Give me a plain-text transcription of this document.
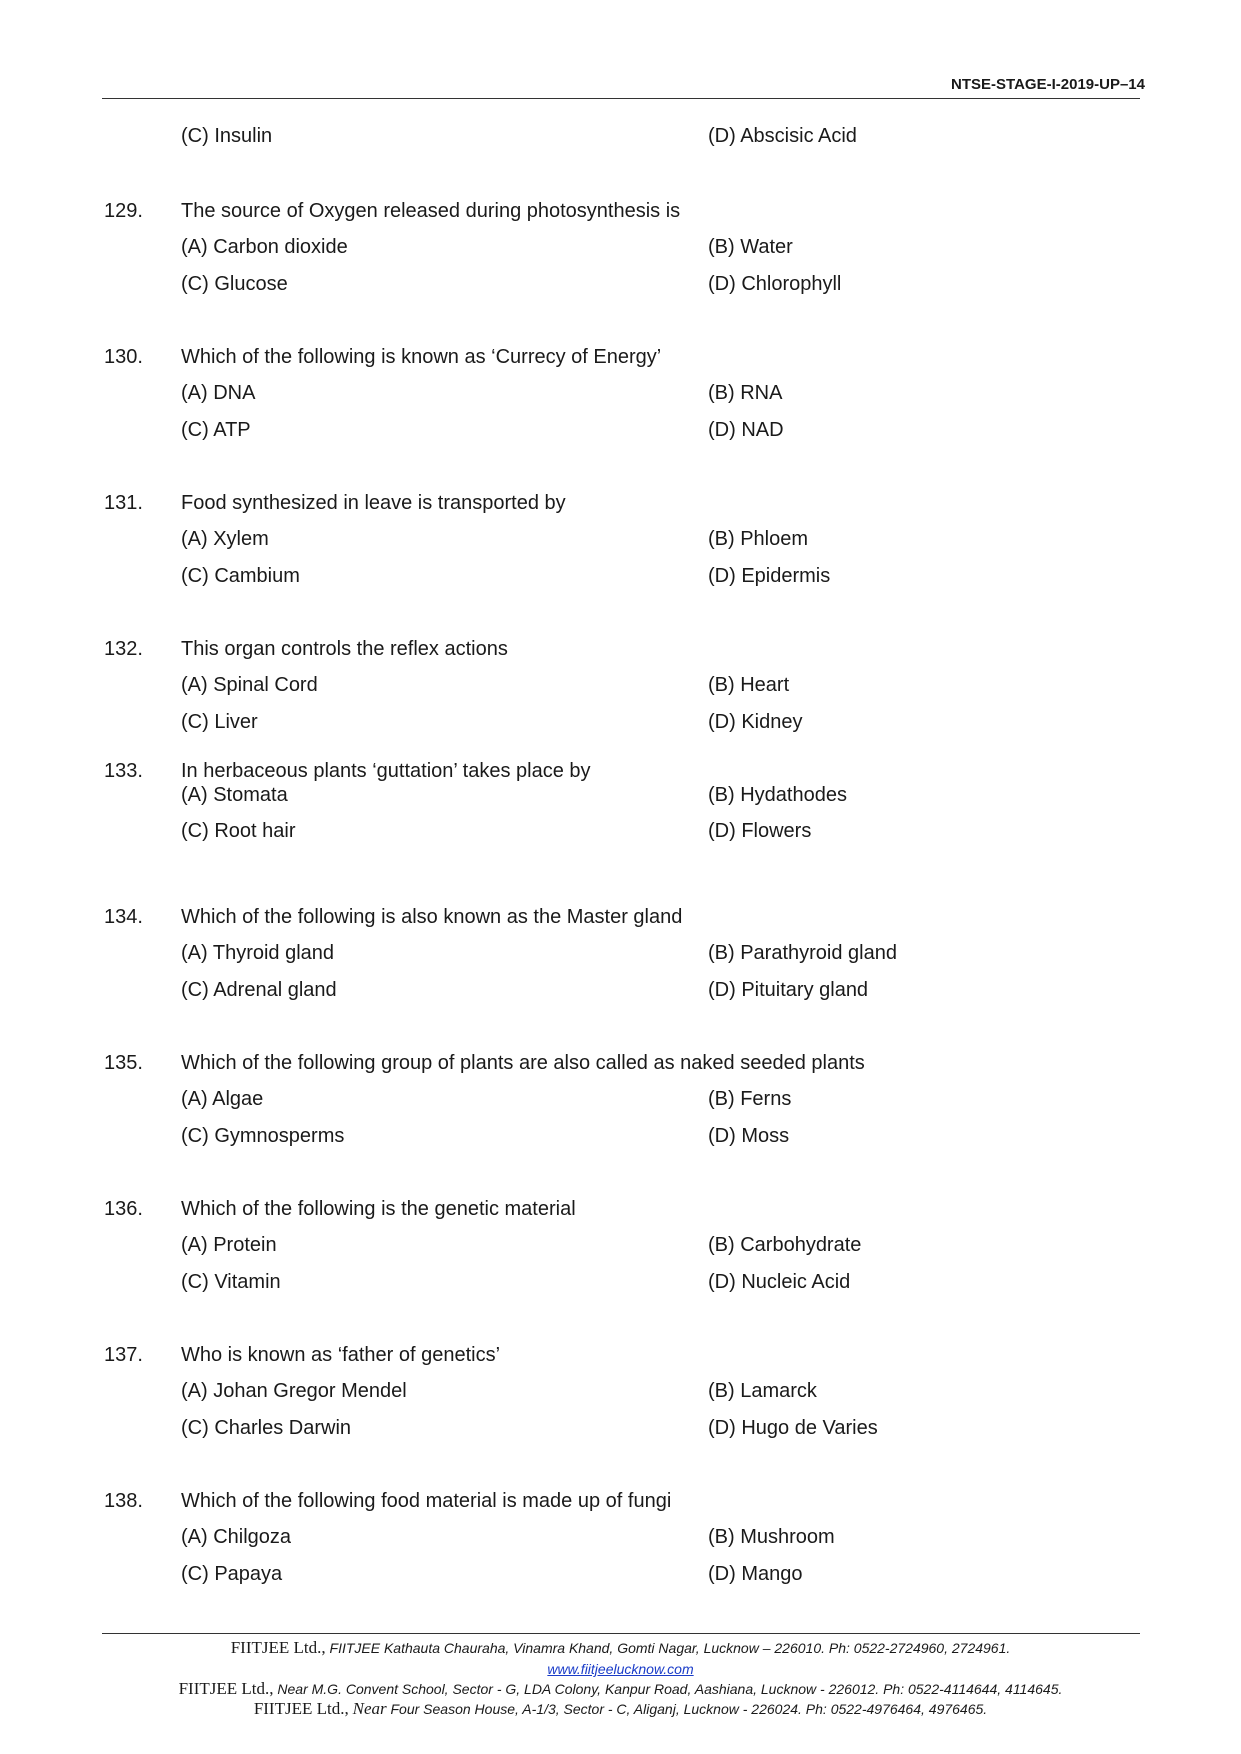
NTSE-STAGE-I-2019-UP–14
(C) Insulin	(D) Abscisic Acid
129. The source of Oxygen released during photosynthesis is
(A) Carbon dioxide	(B) Water
(C) Glucose	(D) Chlorophyll
130. Which of the following is known as ‘Currecy of Energy’
(A) DNA	(B) RNA
(C) ATP	(D) NAD
131. Food synthesized in leave is transported by
(A) Xylem	(B) Phloem
(C) Cambium	(D) Epidermis
132. This organ controls the reflex actions
(A) Spinal Cord	(B) Heart
(C) Liver	(D) Kidney
133. In herbaceous plants ‘guttation’ takes place by
(A) Stomata	(B) Hydathodes
(C) Root hair	(D) Flowers
134. Which of the following is also known as the Master gland
(A) Thyroid gland	(B) Parathyroid gland
(C) Adrenal gland	(D) Pituitary gland
135. Which of the following group of plants are also called as naked seeded plants
(A) Algae	(B) Ferns
(C) Gymnosperms	(D) Moss
136. Which of the following is the genetic material
(A) Protein	(B) Carbohydrate
(C) Vitamin	(D) Nucleic Acid
137. Who is known as ‘father of genetics’
(A) Johan Gregor Mendel	(B) Lamarck
(C) Charles Darwin	(D) Hugo de Varies
138. Which of the following food material is made up of fungi
(A) Chilgoza	(B) Mushroom
(C) Papaya	(D) Mango
FIITJEE Ltd., FIITJEE Kathauta Chauraha, Vinamra Khand, Gomti Nagar, Lucknow – 226010. Ph: 0522-2724960, 2724961.
www.fiitjeelucknow.com
FIITJEE Ltd., Near M.G. Convent School, Sector - G, LDA Colony, Kanpur Road, Aashiana, Lucknow - 226012. Ph: 0522-4114644, 4114645.
FIITJEE Ltd., Near Four Season House, A-1/3, Sector - C, Aliganj, Lucknow - 226024. Ph: 0522-4976464, 4976465.
